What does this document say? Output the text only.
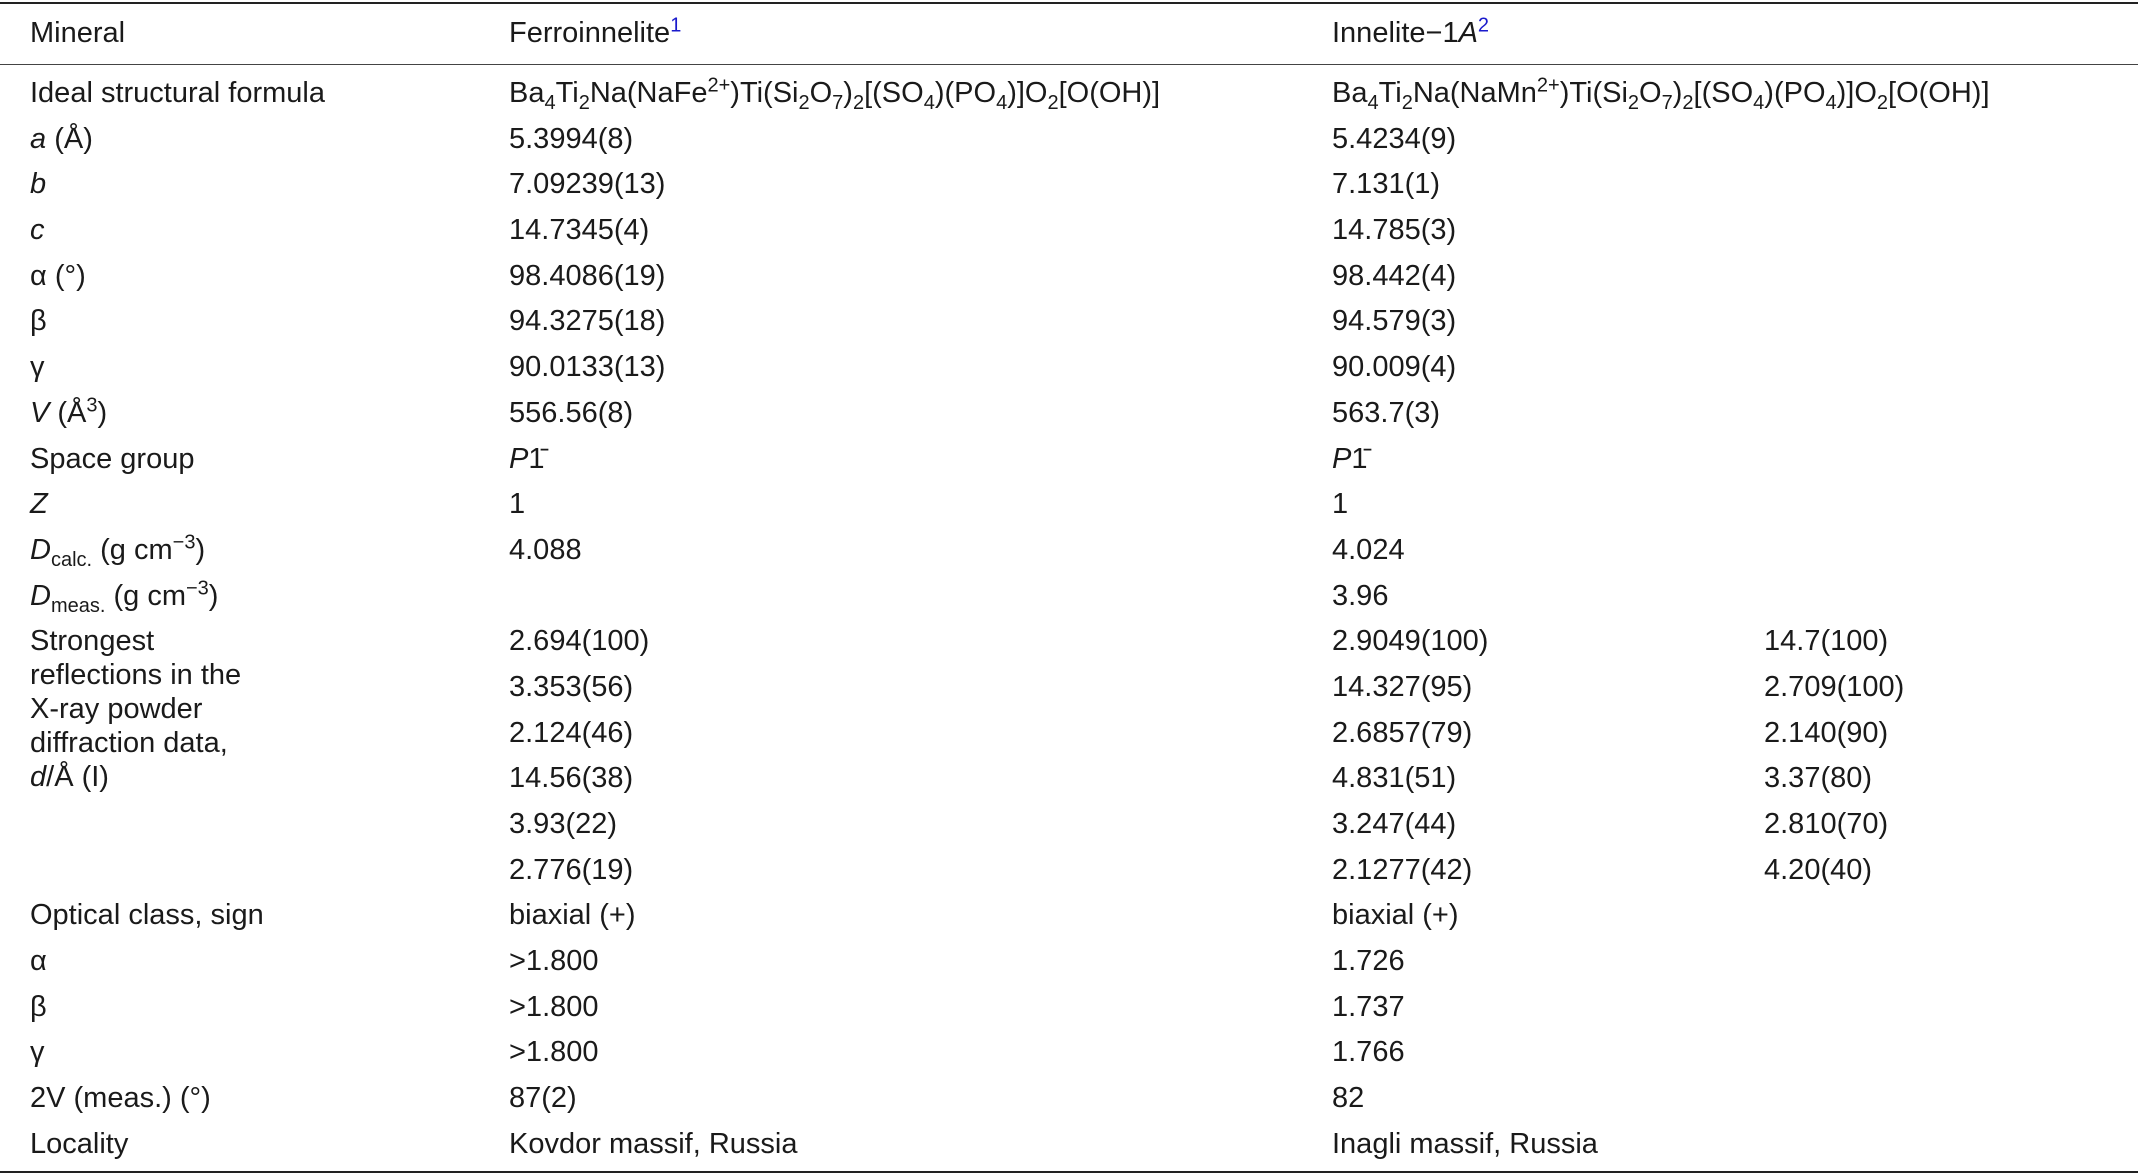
Mineral	Ferroinnelite$^1$	Innelite−1A$^2$

Ideal structural formula	$Ba_4Ti_2Na(NaFe^{2+})Ti(Si_2O_7)_2[(SO_4)(PO_4)]O_2[O(OH)]$	$Ba_4Ti_2Na(NaMn^{2+})Ti(Si_2O_7)_2[(SO_4)(PO_4)]O_2[O(OH)]$	
a (Å)	5.3994(8)	5.4234(9)	
b	7.09239(13)	7.131(1)	
c	14.7345(4)	14.785(3)	
α (°)	98.4086(19)	98.442(4)	
β	94.3275(18)	94.579(3)	
γ	90.0133(13)	90.009(4)	
V $(Å^3)$	556.56(8)	563.7(3)	
Space group	P1̄	P1̄	
Z	1	1	
$D_{calc.}$ (g $cm^{-3}$)	4.088	4.024	
$D_{meas.}$ (g $cm^{-3}$)		3.96	
Strongest
reflections in the
X-ray powder
diffraction data,
d/Å (I)	2.694(100)	2.9049(100)	14.7(100)
	3.353(56)	14.327(95)	2.709(100)
	2.124(46)	2.6857(79)	2.140(90)
	14.56(38)	4.831(51)	3.37(80)
	3.93(22)	3.247(44)	2.810(70)
	2.776(19)	2.1277(42)	4.20(40)
Optical class, sign	biaxial (+)	biaxial (+)	
α	>1.800	1.726	
β	>1.800	1.737	
γ	>1.800	1.766	
2V (meas.) (°)	87(2)	82	
Locality	Kovdor massif, Russia	Inagli massif, Russia	
